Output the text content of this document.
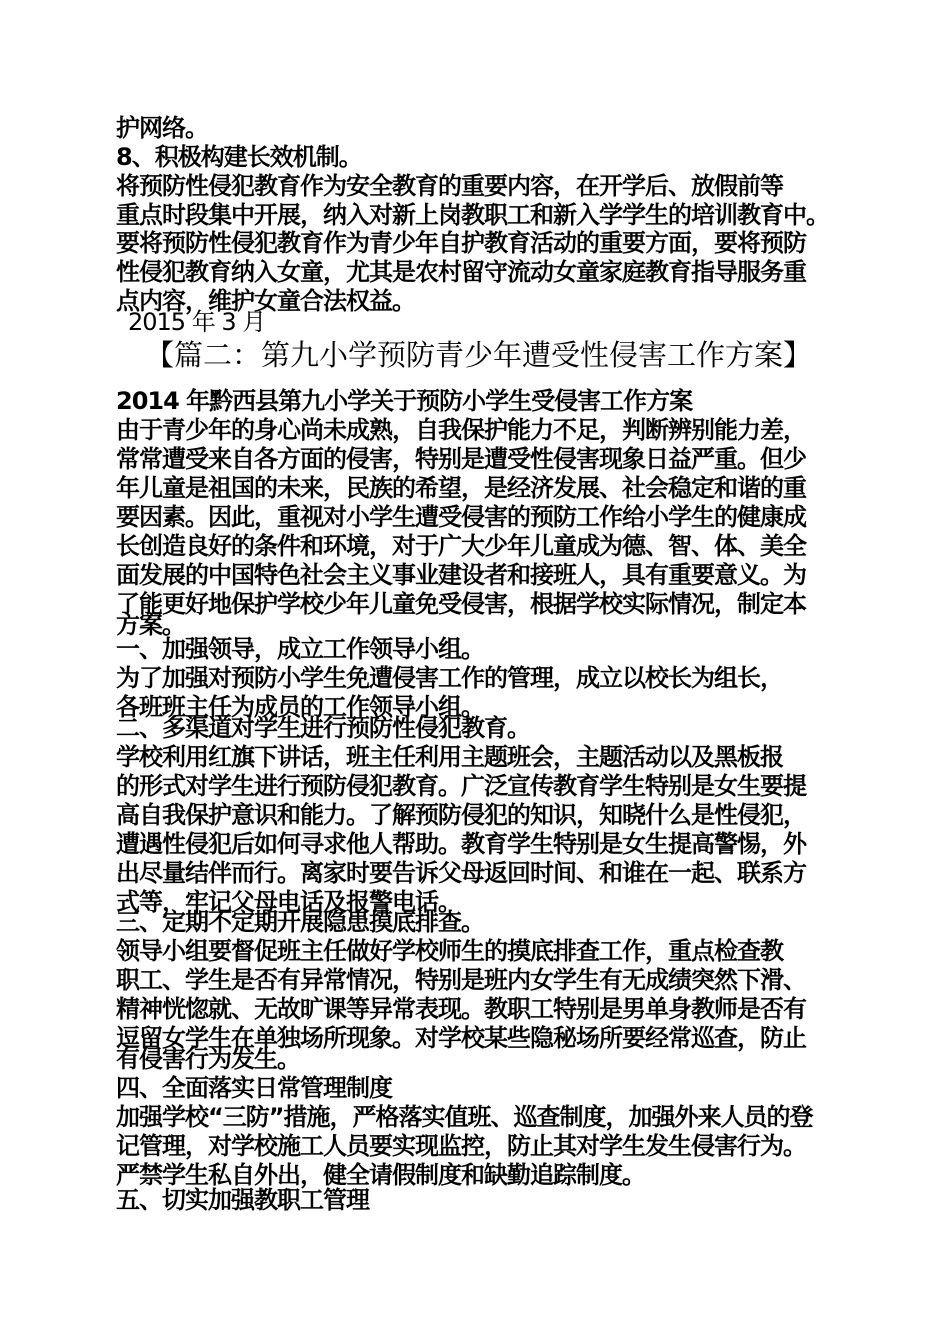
护网络。
8、积极构建长效机制。
将预防性侵犯教育作为安全教育的重要内容，在开学后、放假前等
重点时段集中开展，纳入对新上岗教职工和新入学学生的培训教育中。
要将预防性侵犯教育作为青少年自护教育活动的重要方面，要将预防
性侵犯教育纳入女童，尤其是农村留守流动女童家庭教育指导服务重
点内容，维护女童合法权益。
2015 年 3 月
【篇二：第九小学预防青少年遭受性侵害工作方案】
2014 年黔西县第九小学关于预防小学生受侵害工作方案
由于青少年的身心尚未成熟，自我保护能力不足，判断辨别能力差，
常常遭受来自各方面的侵害，特别是遭受性侵害现象日益严重。但少
年儿童是祖国的未来，民族的希望，是经济发展、社会稳定和谐的重
要因素。因此，重视对小学生遭受侵害的预防工作给小学生的健康成
长创造良好的条件和环境，对于广大少年儿童成为德、智、体、美全
面发展的中国特色社会主义事业建设者和接班人，具有重要意义。为
了能更好地保护学校少年儿童免受侵害，根据学校实际情况，制定本
方案。
一、加强领导，成立工作领导小组。
为了加强对预防小学生免遭侵害工作的管理，成立以校长为组长，
各班班主任为成员的工作领导小组。
二、多渠道对学生进行预防性侵犯教育。
学校利用红旗下讲话，班主任利用主题班会，主题活动以及黑板报
的形式对学生进行预防侵犯教育。广泛宣传教育学生特别是女生要提
高自我保护意识和能力。了解预防侵犯的知识，知晓什么是性侵犯，
遭遇性侵犯后如何寻求他人帮助。教育学生特别是女生提高警惕，外
出尽量结伴而行。离家时要告诉父母返回时间、和谁在一起、联系方
式等，牢记父母电话及报警电话。
三、定期不定期开展隐患摸底排查。
领导小组要督促班主任做好学校师生的摸底排查工作，重点检查教
职工、学生是否有异常情况，特别是班内女学生有无成绩突然下滑、
精神恍惚就、无故旷课等异常表现。教职工特别是男单身教师是否有
逗留女学生在单独场所现象。对学校某些隐秘场所要经常巡查，防止
有侵害行为发生。
四、全面落实日常管理制度
加强学校“三防”措施，严格落实值班、巡查制度，加强外来人员的登
记管理，对学校施工人员要实现监控，防止其对学生发生侵害行为。
严禁学生私自外出，健全请假制度和缺勤追踪制度。
五、切实加强教职工管理
